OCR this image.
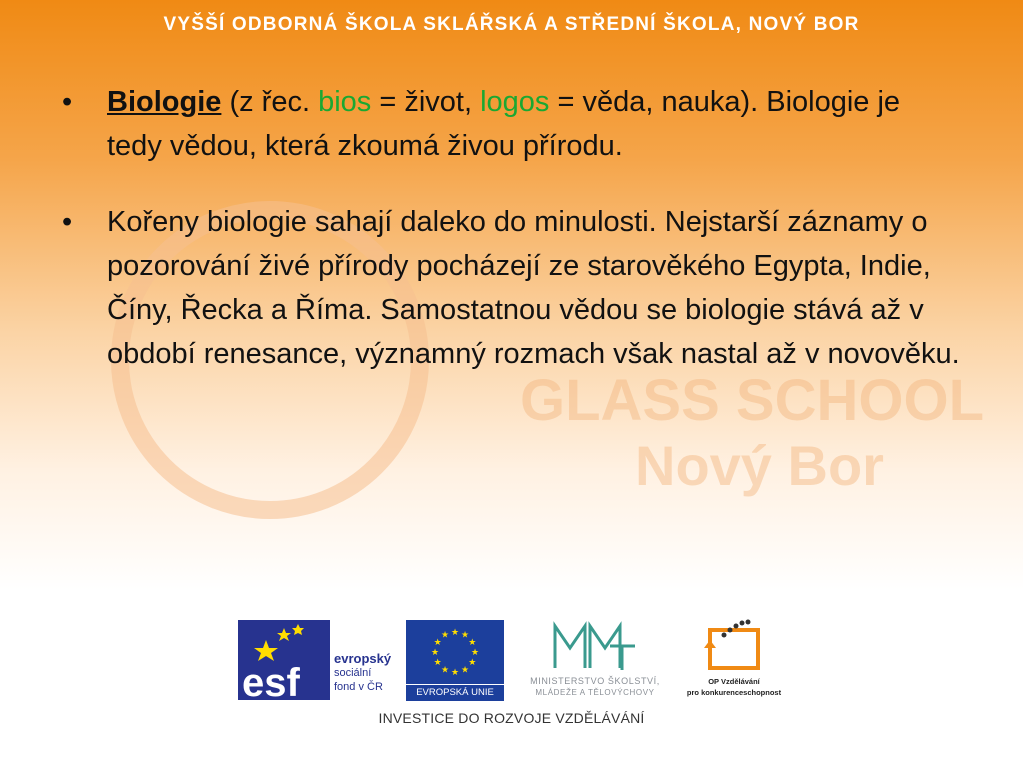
VYŠŠÍ ODBORNÁ ŠKOLA SKLÁŘSKÁ A STŘEDNÍ ŠKOLA, NOVÝ BOR
GLASS SCHOOL
Nový Bor
•	Biologie (z řec. bios = život, logos = věda, nauka). Biologie je tedy vědou, která zkoumá živou přírodu.
•	Kořeny biologie sahají daleko do minulosti. Nejstarší záznamy o pozorování živé přírody pocházejí ze starověkého Egypta, Indie, Číny, Řecka a Říma. Samostatnou vědou se biologie stává až v období renesance, významný rozmach však nastal až v novověku.
esf
evropský
sociální
fond v ČR
★ ★
★
★
★
★
★
★
★
★
★
★
EVROPSKÁ UNIE
MINISTERSTVO ŠKOLSTVÍ,
MLÁDEŽE A TĚLOVÝCHOVY
OP Vzdělávání
pro konkurenceschopnost
INVESTICE DO ROZVOJE VZDĚLÁVÁNÍ
